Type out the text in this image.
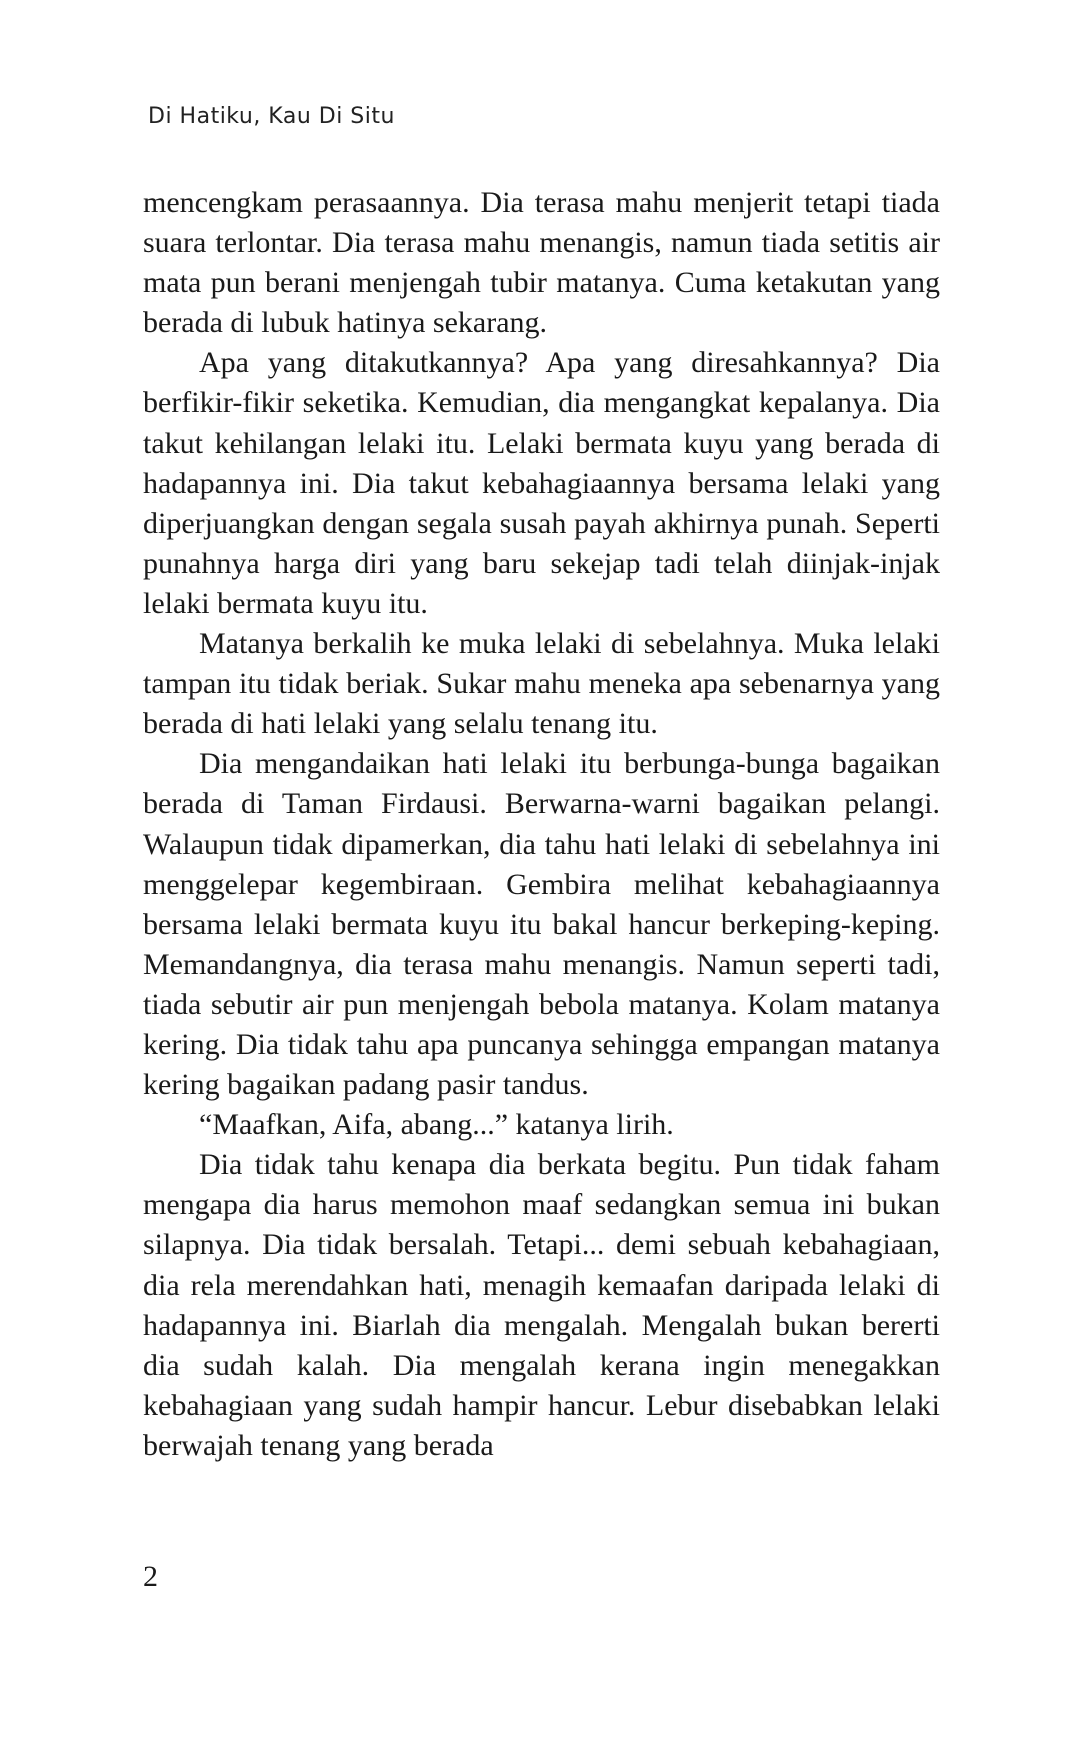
Di Hatiku, Kau Di Situ

mencengkam perasaannya. Dia terasa mahu menjerit tetapi tiada suara terlontar. Dia terasa mahu menangis, namun tiada setitis air mata pun berani menjengah tubir matanya. Cuma ketakutan yang berada di lubuk hatinya sekarang.

Apa yang ditakutkannya? Apa yang diresahkannya? Dia berfikir-fikir seketika. Kemudian, dia mengangkat kepalanya. Dia takut kehilangan lelaki itu. Lelaki bermata kuyu yang berada di hadapannya ini. Dia takut kebahagiaannya bersama lelaki yang diperjuangkan dengan segala susah payah akhirnya punah. Seperti punahnya harga diri yang baru sekejap tadi telah diinjak-injak lelaki bermata kuyu itu.

Matanya berkalih ke muka lelaki di sebelahnya. Muka lelaki tampan itu tidak beriak. Sukar mahu meneka apa sebenarnya yang berada di hati lelaki yang selalu tenang itu.

Dia mengandaikan hati lelaki itu berbunga-bunga bagaikan berada di Taman Firdausi. Berwarna-warni bagaikan pelangi. Walaupun tidak dipamerkan, dia tahu hati lelaki di sebelahnya ini menggelepar kegembiraan. Gembira melihat kebahagiaannya bersama lelaki bermata kuyu itu bakal hancur berkeping-keping. Memandangnya, dia terasa mahu menangis. Namun seperti tadi, tiada sebutir air pun menjengah bebola matanya. Kolam matanya kering. Dia tidak tahu apa puncanya sehingga empangan matanya kering bagaikan padang pasir tandus.

“Maafkan, Aifa, abang...” katanya lirih.

Dia tidak tahu kenapa dia berkata begitu. Pun tidak faham mengapa dia harus memohon maaf sedangkan semua ini bukan silapnya. Dia tidak bersalah. Tetapi... demi sebuah kebahagiaan, dia rela merendahkan hati, menagih kemaafan daripada lelaki di hadapannya ini. Biarlah dia mengalah. Mengalah bukan bererti dia sudah kalah. Dia mengalah kerana ingin menegakkan kebahagiaan yang sudah hampir hancur. Lebur disebabkan lelaki berwajah tenang yang berada

2
